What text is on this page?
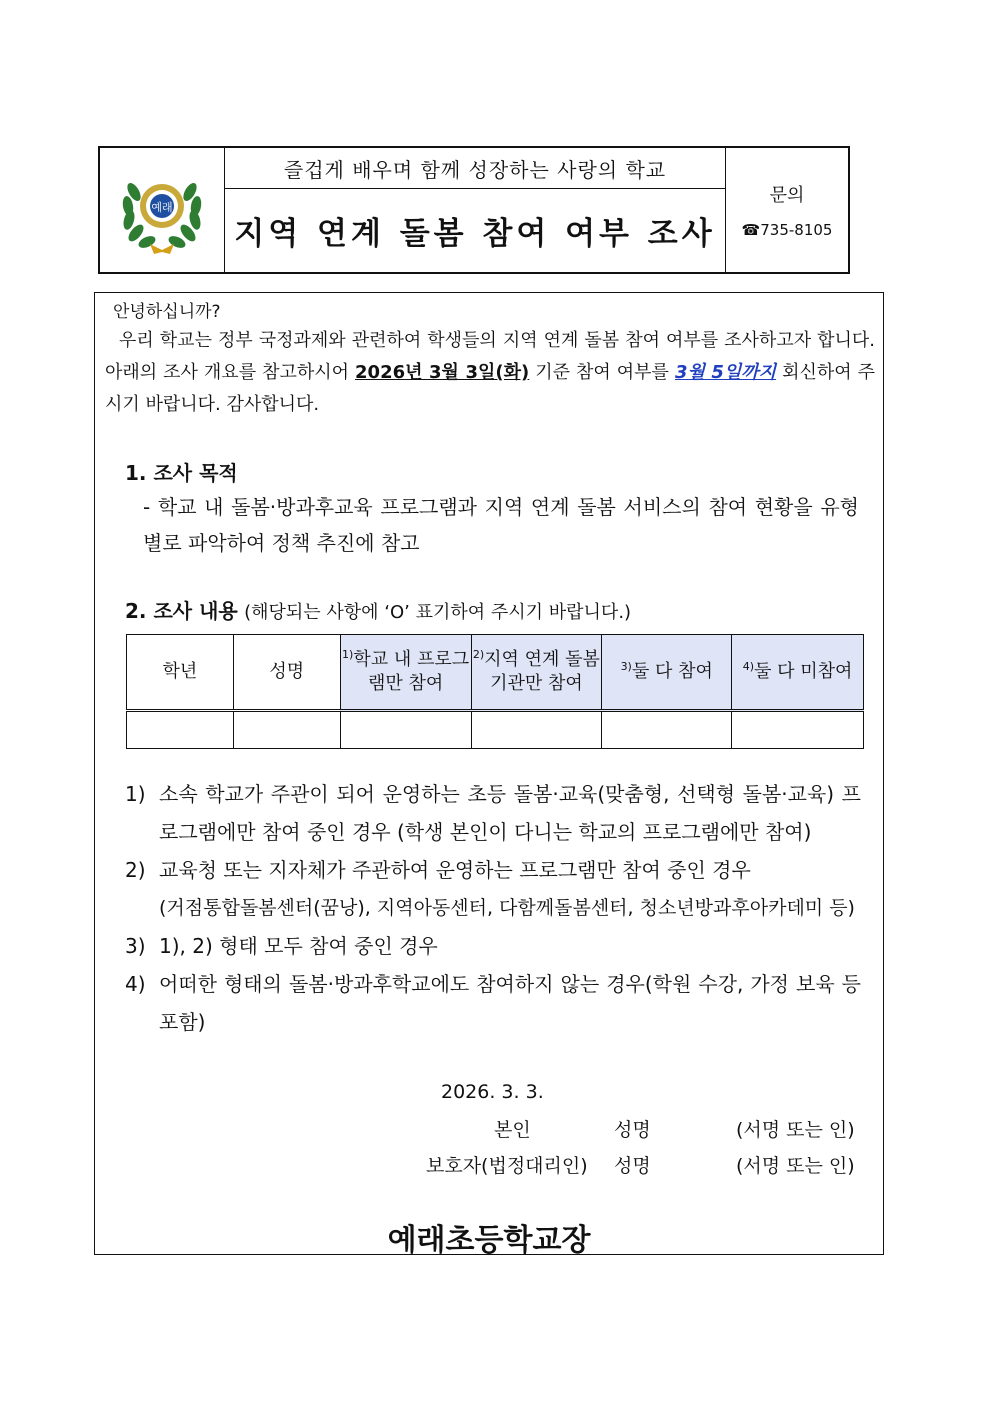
예래
즐겁게 배우며 함께 성장하는 사랑의 학교
지역 연계 돌봄 참여 여부 조사
문의
☎735-8105
안녕하십니까?
우리 학교는 정부 국정과제와 관련하여 학생들의 지역 연계 돌봄 참여 여부를 조사하고자 합니다. 아래의 조사 개요를 참고하시어 2026년 3월 3일(화) 기준 참여 여부를 3월 5일까지 회신하여 주시기 바랍니다. 감사합니다.
1. 조사 목적
- 학교 내 돌봄·방과후교육 프로그램과 지역 연계 돌봄 서비스의 참여 현황을 유형별로 파악하여 정책 추진에 참고
2. 조사 내용 (해당되는 사항에 ‘O’ 표기하여 주시기 바랍니다.)
학년	성명	$^{1)}$학교 내 프로그램만 참여	$^{2)}$지역 연계 돌봄기관만 참여	$^{3)}$둘 다 참여	$^{4)}$둘 다 미참여

1) 소속 학교가 주관이 되어 운영하는 초등 돌봄·교육(맞춤형, 선택형 돌봄·교육) 프로그램에만 참여 중인 경우 (학생 본인이 다니는 학교의 프로그램에만 참여)
2) 교육청 또는 지자체가 주관하여 운영하는 프로그램만 참여 중인 경우
(거점통합돌봄센터(꿈낭), 지역아동센터, 다함께돌봄센터, 청소년방과후아카데미 등)
3) 1), 2) 형태 모두 참여 중인 경우
4) 어떠한 형태의 돌봄·방과후학교에도 참여하지 않는 경우(학원 수강, 가정 보육 등 포함)
2026. 3. 3.
본인	성명	(서명 또는 인)
보호자(법정대리인) 성명	(서명 또는 인)
예래초등학교장
